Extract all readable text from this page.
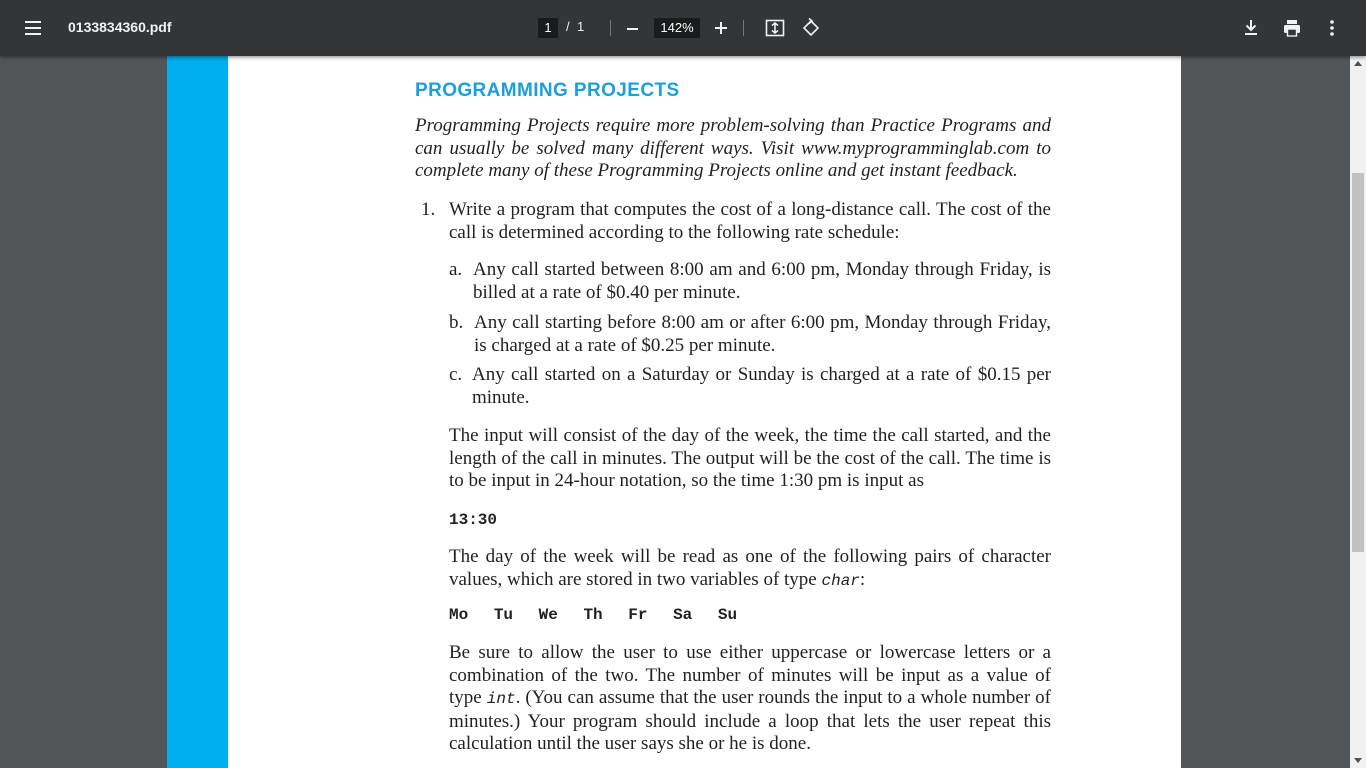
0133834360.pdf	1	/ 1	142%
PROGRAMMING PROJECTS
Programming Projects require more problem-solving than Practice Programs and can usually be solved many different ways. Visit www.myprogramminglab.com to complete many of these Programming Projects online and get instant feedback.
1. Write a program that computes the cost of a long-distance call. The cost of the call is determined according to the following rate schedule:
a. Any call started between 8:00 am and 6:00 pm, Monday through Friday, is billed at a rate of $0.40 per minute.
b. Any call starting before 8:00 am or after 6:00 pm, Monday through Friday, is charged at a rate of $0.25 per minute.
c. Any call started on a Saturday or Sunday is charged at a rate of $0.15 per minute.
The input will consist of the day of the week, the time the call started, and the length of the call in minutes. The output will be the cost of the call. The time is to be input in 24-hour notation, so the time 1:30 pm is input as
13:30
The day of the week will be read as one of the following pairs of character values, which are stored in two variables of type char:
Mo Tu We Th Fr Sa Su
Be sure to allow the user to use either uppercase or lowercase letters or a combination of the two. The number of minutes will be input as a value of type int. (You can assume that the user rounds the input to a whole number of minutes.) Your program should include a loop that lets the user repeat this calculation until the user says she or he is done.
